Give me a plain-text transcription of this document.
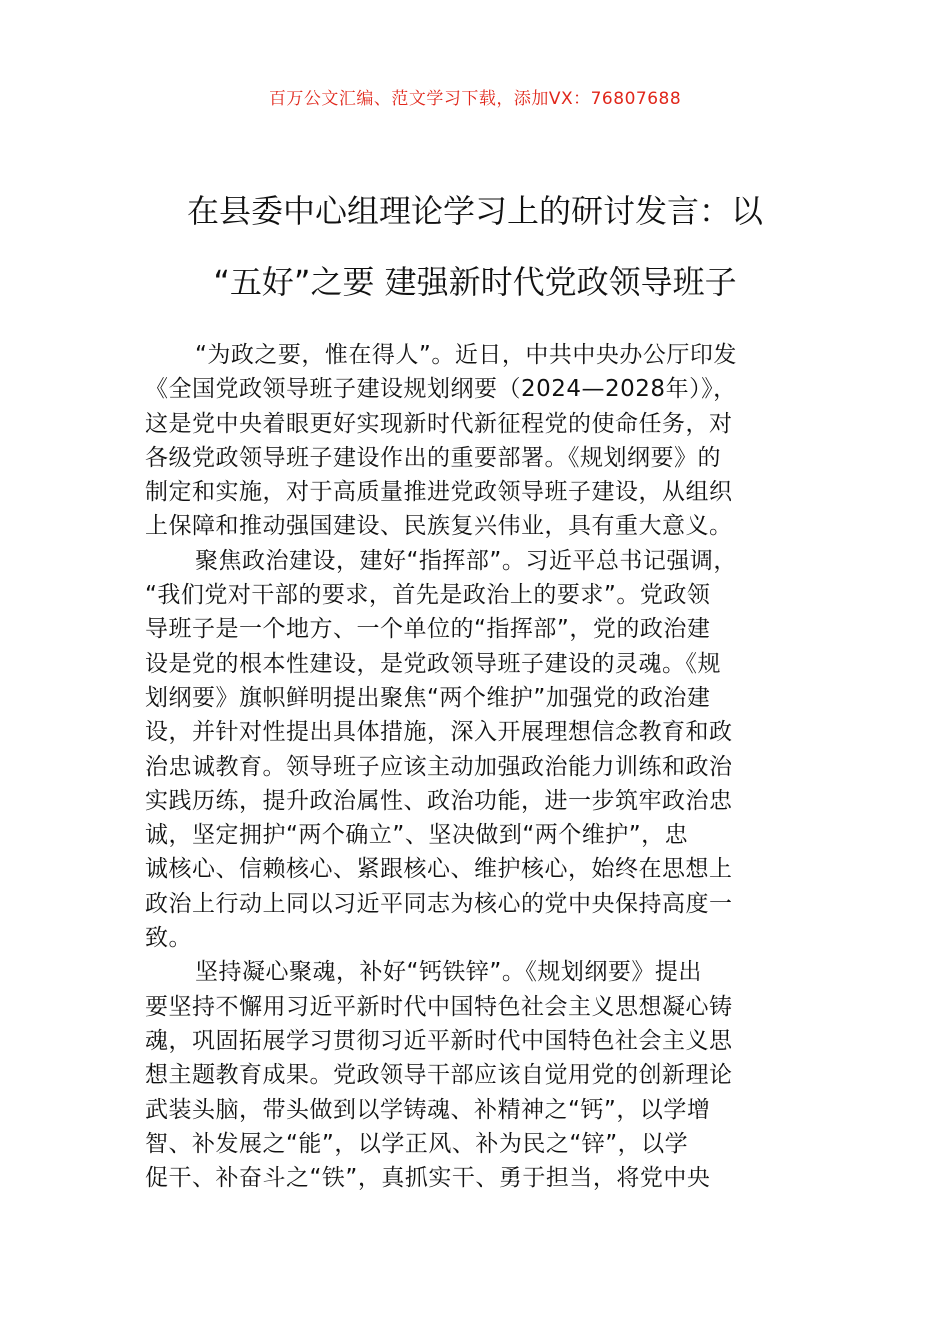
百万公文汇编、范文学习下载，添加VX：76807688
在县委中心组理论学习上的研讨发言：以
“五好”之要 建强新时代党政领导班子

“为政之要，惟在得人”。近日，中共中央办公厅印发
《全国党政领导班子建设规划纲要（2024—2028年）》，
这是党中央着眼更好实现新时代新征程党的使命任务，对
各级党政领导班子建设作出的重要部署。《规划纲要》的
制定和实施，对于高质量推进党政领导班子建设，从组织
上保障和推动强国建设、民族复兴伟业，具有重大意义。

聚焦政治建设，建好“指挥部”。习近平总书记强调，
“我们党对干部的要求，首先是政治上的要求”。党政领
导班子是一个地方、一个单位的“指挥部”，党的政治建
设是党的根本性建设，是党政领导班子建设的灵魂。《规
划纲要》旗帜鲜明提出聚焦“两个维护”加强党的政治建
设，并针对性提出具体措施，深入开展理想信念教育和政
治忠诚教育。领导班子应该主动加强政治能力训练和政治
实践历练，提升政治属性、政治功能，进一步筑牢政治忠
诚，坚定拥护“两个确立”、坚决做到“两个维护”，忠
诚核心、信赖核心、紧跟核心、维护核心，始终在思想上
政治上行动上同以习近平同志为核心的党中央保持高度一
致。

坚持凝心聚魂，补好“钙铁锌”。《规划纲要》提出
要坚持不懈用习近平新时代中国特色社会主义思想凝心铸
魂，巩固拓展学习贯彻习近平新时代中国特色社会主义思
想主题教育成果。党政领导干部应该自觉用党的创新理论
武装头脑，带头做到以学铸魂、补精神之“钙”，以学增
智、补发展之“能”，以学正风、补为民之“锌”，以学
促干、补奋斗之“铁”，真抓实干、勇于担当，将党中央
